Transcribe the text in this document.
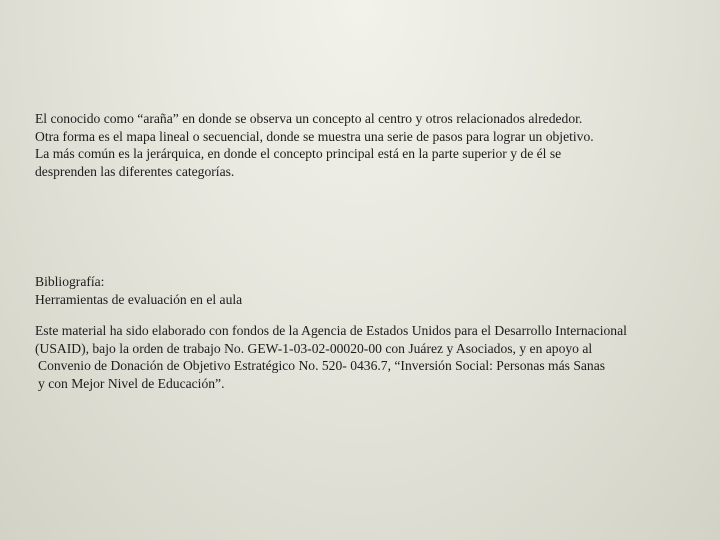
El conocido como “araña” en donde se observa un concepto al centro y otros relacionados alrededor.
Otra forma es el mapa lineal o secuencial, donde se muestra una serie de pasos para lograr un objetivo.
La más común es la jerárquica, en donde el concepto principal está en la parte superior y de él se
desprenden las diferentes categorías.
Bibliografía:
Herramientas de evaluación en el aula
Este material ha sido elaborado con fondos de la Agencia de Estados Unidos para el Desarrollo Internacional
(USAID), bajo la orden de trabajo No. GEW-1-03-02-00020-00 con Juárez y Asociados, y en apoyo al
Convenio de Donación de Objetivo Estratégico No. 520- 0436.7, “Inversión Social: Personas más Sanas
y con Mejor Nivel de Educación”.
